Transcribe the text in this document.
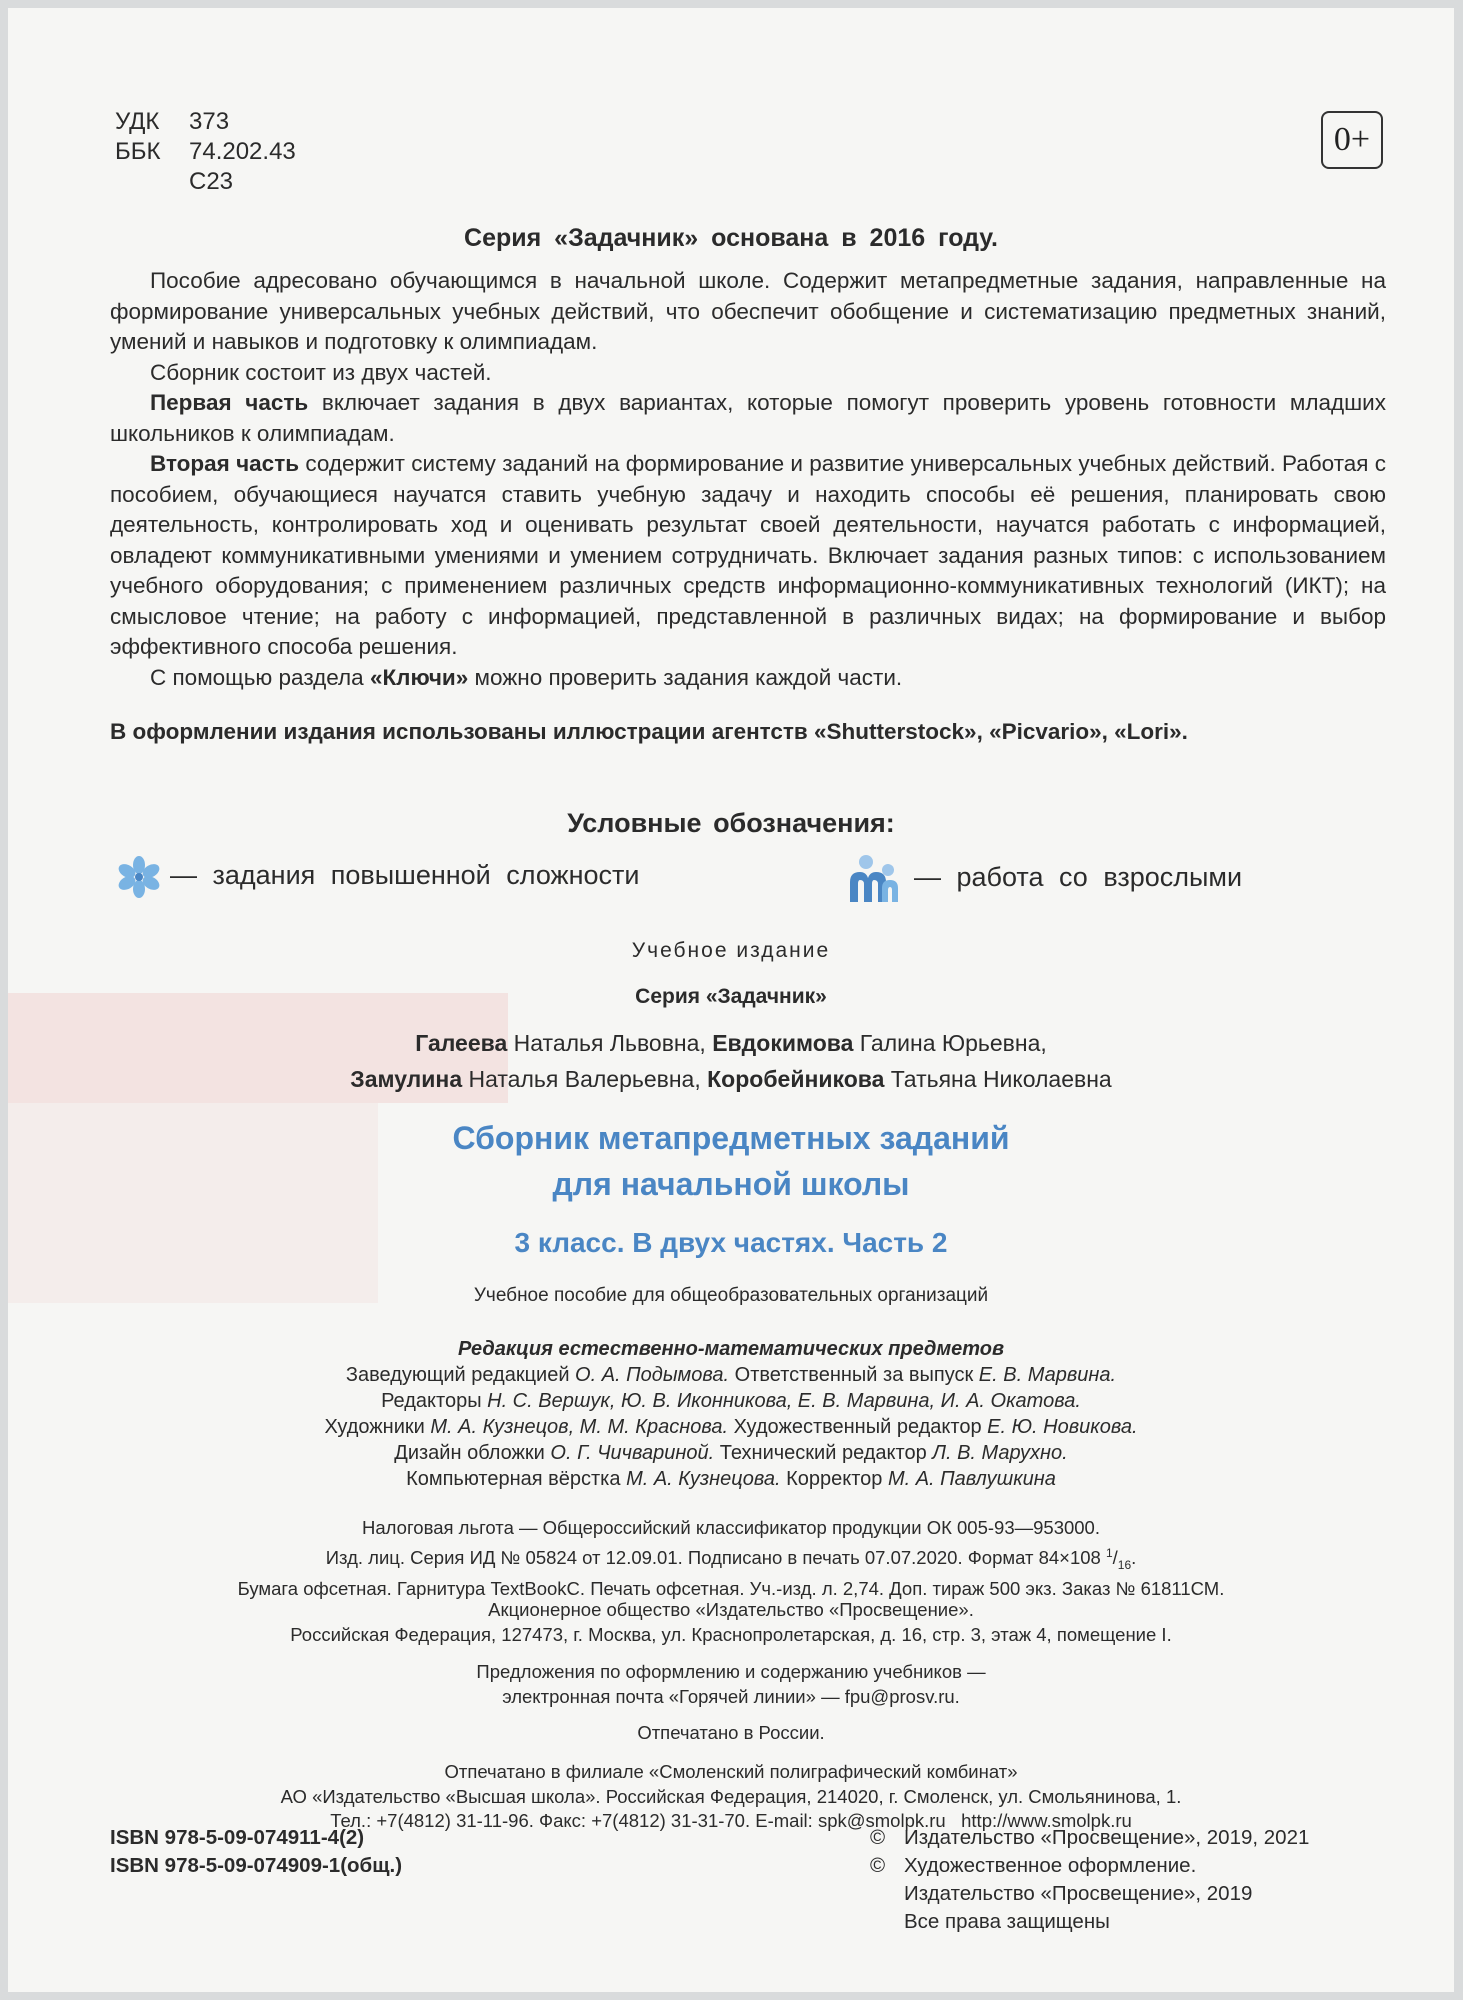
УДК 373
ББК 74.202.43
С23
0+
Серия «Задачник» основана в 2016 году.

Пособие адресовано обучающимся в начальной школе. Содержит метапредметные задания, направленные на формирование универсальных учебных действий, что обеспечит обобщение и систематизацию предметных знаний, умений и навыков и подготовку к олимпиадам.

Сборник состоит из двух частей.

Первая часть включает задания в двух вариантах, которые помогут проверить уровень готовности младших школьников к олимпиадам.

Вторая часть содержит систему заданий на формирование и развитие универсальных учебных действий. Работая с пособием, обучающиеся научатся ставить учебную задачу и находить способы её решения, планировать свою деятельность, контролировать ход и оценивать результат своей деятельности, научатся работать с информацией, овладеют коммуникативными умениями и умением сотрудничать. Включает задания разных типов: с использованием учебного оборудования; с применением различных средств информационно-коммуникативных технологий (ИКТ); на смысловое чтение; на работу с информацией, представленной в различных видах; на формирование и выбор эффективного способа решения.

С помощью раздела «Ключи» можно проверить задания каждой части.

В оформлении издания использованы иллюстрации агентств «Shutterstock», «Picvario», «Lori».
Условные обозначения:
— задания повышенной сложности	— работа со взрослыми
Учебное издание
Серия «Задачник»
Галеева Наталья Львовна, Евдокимова Галина Юрьевна,
Замулина Наталья Валерьевна, Коробейникова Татьяна Николаевна
Сборник метапредметных заданий
для начальной школы
3 класс. В двух частях. Часть 2
Учебное пособие для общеобразовательных организаций
Редакция естественно-математических предметов
Заведующий редакцией О. А. Подымова. Ответственный за выпуск Е. В. Марвина.
Редакторы Н. С. Вершук, Ю. В. Иконникова, Е. В. Марвина, И. А. Окатова.
Художники М. А. Кузнецов, М. М. Краснова. Художественный редактор Е. Ю. Новикова.
Дизайн обложки О. Г. Чичвариной. Технический редактор Л. В. Марухно.
Компьютерная вёрстка М. А. Кузнецова. Корректор М. А. Павлушкина
Налоговая льгота — Общероссийский классификатор продукции ОК 005-93—953000.
Изд. лиц. Серия ИД № 05824 от 12.09.01. Подписано в печать 07.07.2020. Формат 84×108 $^1/_{16}$.
Бумага офсетная. Гарнитура TextBookC. Печать офсетная. Уч.-изд. л. 2,74. Доп. тираж 500 экз. Заказ № 61811СМ.
Акционерное общество «Издательство «Просвещение».
Российская Федерация, 127473, г. Москва, ул. Краснопролетарская, д. 16, стр. 3, этаж 4, помещение I.
Предложения по оформлению и содержанию учебников —
электронная почта «Горячей линии» — fpu@prosv.ru.
Отпечатано в России.
Отпечатано в филиале «Смоленский полиграфический комбинат»
АО «Издательство «Высшая школа». Российская Федерация, 214020, г. Смоленск, ул. Смольянинова, 1.
Тел.: +7(4812) 31-11-96. Факс: +7(4812) 31-31-70. E-mail: spk@smolpk.ru   http://www.smolpk.ru
ISBN 978-5-09-074911-4(2)
ISBN 978-5-09-074909-1(общ.)
© Издательство «Просвещение», 2019, 2021
© Художественное оформление.
Издательство «Просвещение», 2019
Все права защищены
